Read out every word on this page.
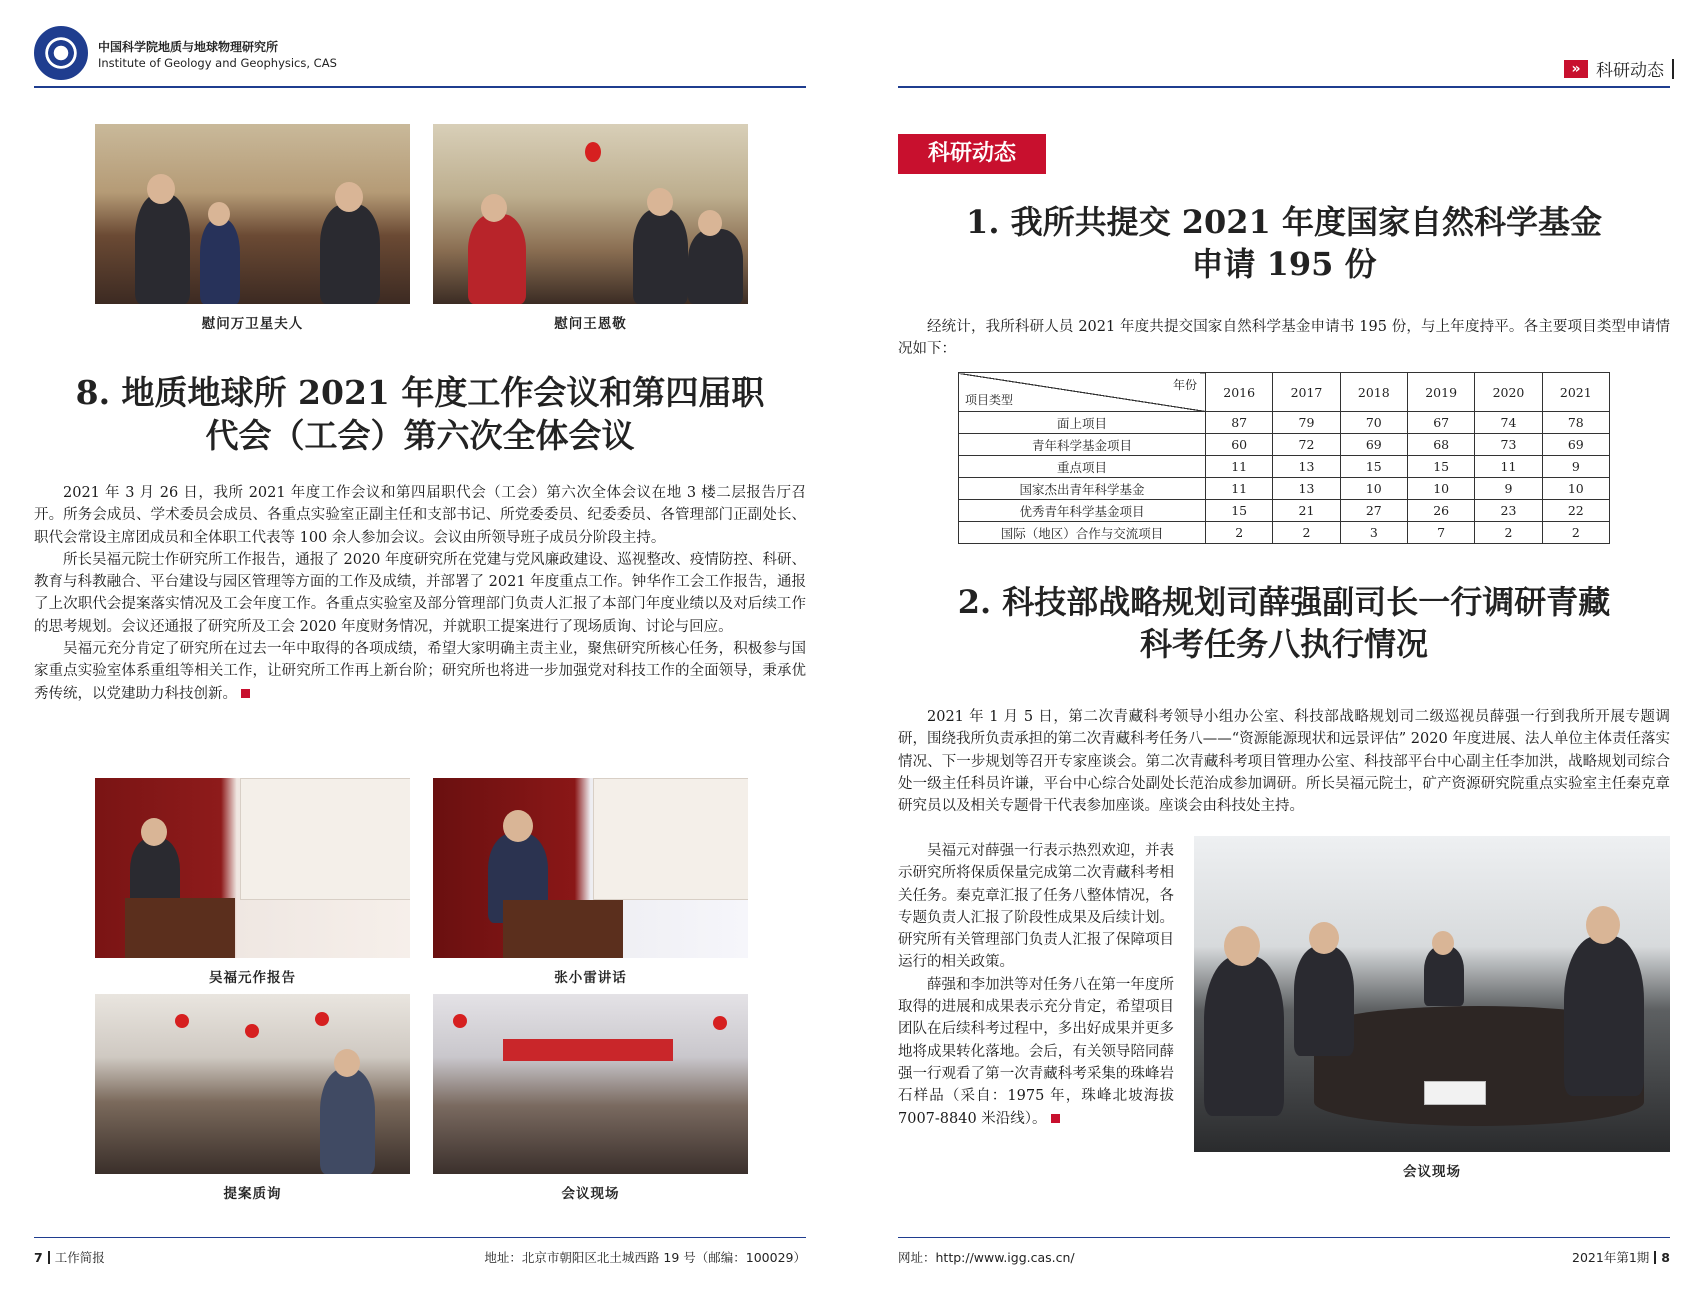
中国科学院地质与地球物理研究所
Institute of Geology and Geophysics, CAS
慰问万卫星夫人	慰问王恩敬
8. 地质地球所 2021 年度工作会议和第四届职
代会（工会）第六次全体会议

2021 年 3 月 26 日，我所 2021 年度工作会议和第四届职代会（工会）第六次全体会议在地 3 楼二层报告厅召开。所务会成员、学术委员会成员、各重点实验室正副主任和支部书记、所党委委员、纪委委员、各管理部门正副处长、职代会常设主席团成员和全体职工代表等 100 余人参加会议。会议由所领导班子成员分阶段主持。

所长吴福元院士作研究所工作报告，通报了 2020 年度研究所在党建与党风廉政建设、巡视整改、疫情防控、科研、教育与科教融合、平台建设与园区管理等方面的工作及成绩，并部署了 2021 年度重点工作。钟华作工会工作报告，通报了上次职代会提案落实情况及工会年度工作。各重点实验室及部分管理部门负责人汇报了本部门年度业绩以及对后续工作的思考规划。会议还通报了研究所及工会 2020 年度财务情况，并就职工提案进行了现场质询、讨论与回应。

吴福元充分肯定了研究所在过去一年中取得的各项成绩，希望大家明确主责主业，聚焦研究所核心任务，积极参与国家重点实验室体系重组等相关工作，让研究所工作再上新台阶；研究所也将进一步加强党对科技工作的全面领导，秉承优秀传统，以党建助力科技创新。

吴福元作报告	张小雷讲话
提案质询	会议现场
7 工作简报	地址：北京市朝阳区北土城西路 19 号（邮编：100029）
» 科研动态
科研动态
1. 我所共提交 2021 年度国家自然科学基金
申请 195 份

经统计，我所科研人员 2021 年度共提交国家自然科学基金申请书 195 份，与上年度持平。各主要项目类型申请情况如下：

年份
项目类型	2016	2017	2018	2019	2020	2021
面上项目	87	79	70	67	74	78
青年科学基金项目	60	72	69	68	73	69
重点项目	11	13	15	15	11	9
国家杰出青年科学基金	11	13	10	10	9	10
优秀青年科学基金项目	15	21	27	26	23	22
国际（地区）合作与交流项目	2	2	3	7	2	2
2. 科技部战略规划司薛强副司长一行调研青藏
科考任务八执行情况

2021 年 1 月 5 日，第二次青藏科考领导小组办公室、科技部战略规划司二级巡视员薛强一行到我所开展专题调研，围绕我所负责承担的第二次青藏科考任务八——“资源能源现状和远景评估” 2020 年度进展、法人单位主体责任落实情况、下一步规划等召开专家座谈会。第二次青藏科考项目管理办公室、科技部平台中心副主任李加洪，战略规划司综合处一级主任科员许谦，平台中心综合处副处长范治成参加调研。所长吴福元院士，矿产资源研究院重点实验室主任秦克章研究员以及相关专题骨干代表参加座谈。座谈会由科技处主持。

吴福元对薛强一行表示热烈欢迎，并表示研究所将保质保量完成第二次青藏科考相关任务。秦克章汇报了任务八整体情况，各专题负责人汇报了阶段性成果及后续计划。研究所有关管理部门负责人汇报了保障项目运行的相关政策。

薛强和李加洪等对任务八在第一年度所取得的进展和成果表示充分肯定，希望项目团队在后续科考过程中，多出好成果并更多地将成果转化落地。会后，有关领导陪同薛强一行观看了第一次青藏科考采集的珠峰岩石样品（采自：1975 年，珠峰北坡海拔 7007-8840 米沿线）。

会议现场
网址：http://www.igg.cas.cn/	2021年第1期 8
